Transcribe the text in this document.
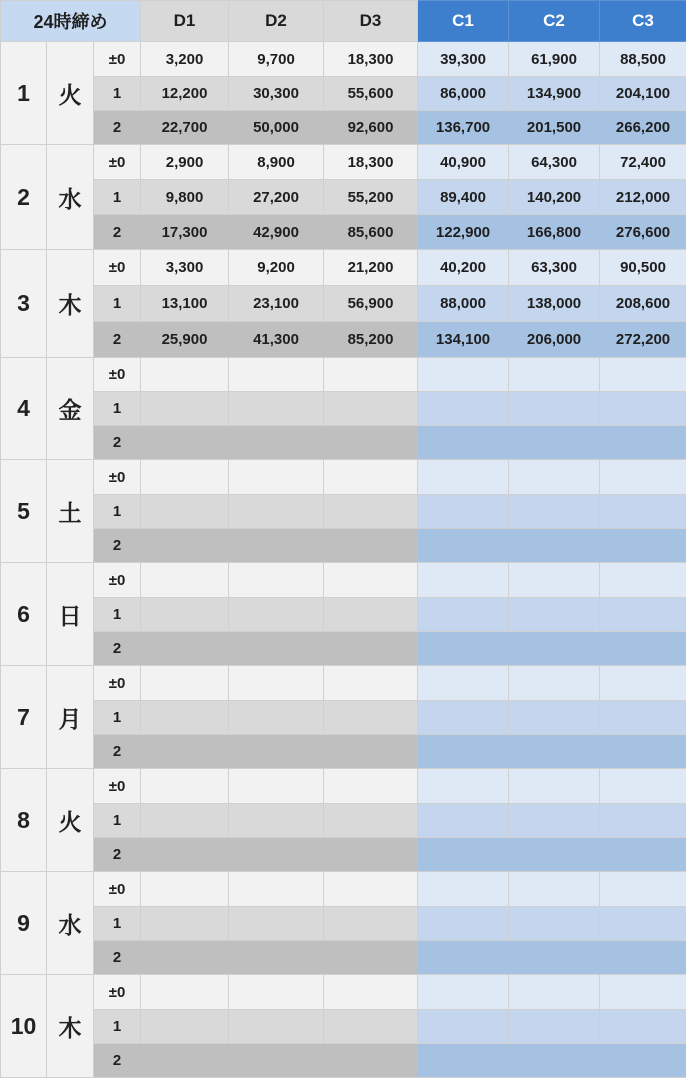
24時締め			D1	D2	D3	C1	C2	C3
1	火	±0	3,200	9,700	18,300	39,300	61,900	88,500
		1	12,200	30,300	55,600	86,000	134,900	204,100
		2	22,700	50,000	92,600	136,700	201,500	266,200
2	水	±0	2,900	8,900	18,300	40,900	64,300	72,400
		1	9,800	27,200	55,200	89,400	140,200	212,000
		2	17,300	42,900	85,600	122,900	166,800	276,600
3	木	±0	3,300	9,200	21,200	40,200	63,300	90,500
		1	13,100	23,100	56,900	88,000	138,000	208,600
		2	25,900	41,300	85,200	134,100	206,000	272,200
4	金	±0						
		1						
		2						
5	土	±0						
		1						
		2						
6	日	±0						
		1						
		2						
7	月	±0						
		1						
		2						
8	火	±0						
		1						
		2						
9	水	±0						
		1						
		2						
10	木	±0						
		1						
		2						
